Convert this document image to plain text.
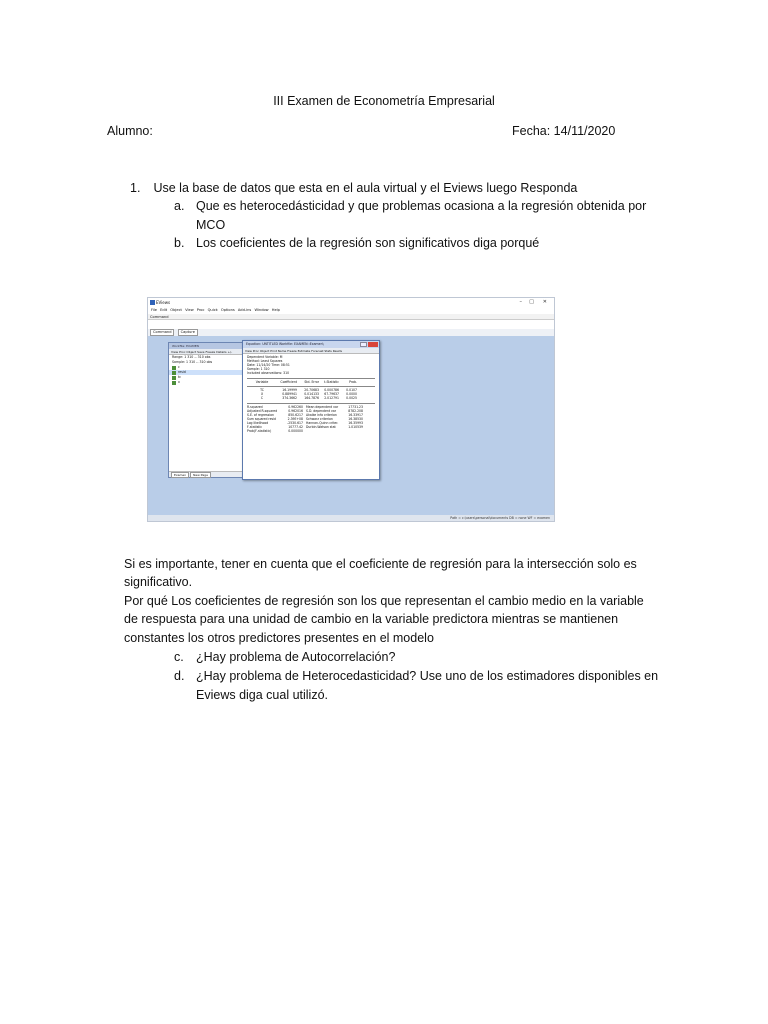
III Examen de Econometría Empresarial
Alumno:	Fecha: 14/11/2020
1. Use la base de datos que esta en el aula virtual y el Eviews luego Responda
a. Que es heterocedásticidad y que problemas ocasiona a la regresión obtenida por
MCO
b. Los coeficientes de la regresión son significativos diga porqué
EViews	– □ ✕
File Edit Object View Proc Quick Options Add-ins Window Help
Command
Command	Capture
Workfile: EXAMEN
View Proc Object Save Freeze Details +/-
Range: 1 310 -- 310 obs
Sample: 1 310 -- 310 obs
c
resid
tc
x
Examen New Page
Equation: UNTITLED Workfile: EXAMEN::Examen\
View Proc Object Print Name Freeze Estimate Forecast Stats Resids
Dependent Variable: M
Method: Least Squares
Date: 11/14/20 Time: 08:51
Sample: 1 310
Included observations: 310
Variable	Coefficient	Std. Error	t-Statistic	Prob.
TC	16.19999	20.70683	0.000786	0.0107
X	0.889941	0.014133	67.79637	0.0000
C	374.3662	164.7876	2.012791	0.0025
R-squared	0.962260 Mean dependent var	17731.23
Adjusted R-squared	0.962016 S.D. dependent var	8782.208
S.E. of regression	850.6217 Akaike info criterion	16.33917
Sum squared resid	2.39E+08 Schwarz criterion	16.38530
Log likelihood	-2530.617 Hannan-Quinn criter.	16.35993
F-statistic	10777.42 Durbin-Watson stat	1.010539
Prob(F-statistic)	0.000000
Path = c:\users\personal\documents DB = none WF = examen
Si es importante, tener en cuenta que el coeficiente de regresión para la intersección solo es
significativo.
Por qué Los coeficientes de regresión son los que representan el cambio medio en la variable
de respuesta para una unidad de cambio en la variable predictora mientras se mantienen
constantes los otros predictores presentes en el modelo
c. ¿Hay problema de Autocorrelación?
d. ¿Hay problema de Heterocedasticidad? Use uno de los estimadores disponibles en
Eviews diga cual utilizó.
